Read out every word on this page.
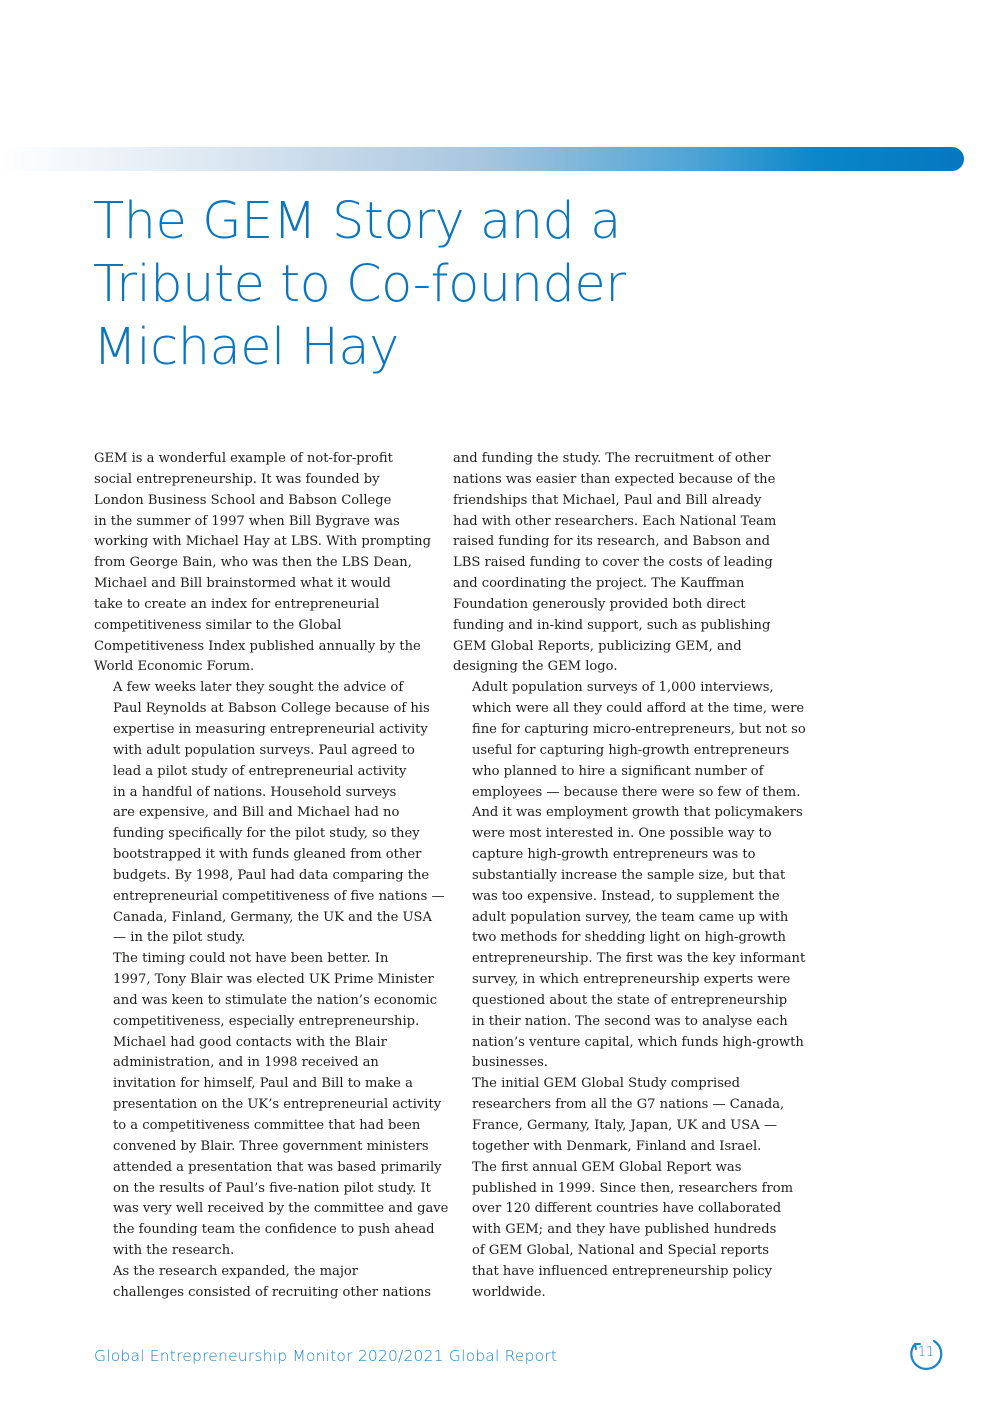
The GEM Story and a
Tribute to Co-founder
Michael Hay

GEM is a wonderful example of not-for-profit
social entrepreneurship. It was founded by
London Business School and Babson College
in the summer of 1997 when Bill Bygrave was
working with Michael Hay at LBS. With prompting
from George Bain, who was then the LBS Dean,
Michael and Bill brainstormed what it would
take to create an index for entrepreneurial
competitiveness similar to the Global
Competitiveness Index published annually by the
World Economic Forum.

A few weeks later they sought the advice of
Paul Reynolds at Babson College because of his
expertise in measuring entrepreneurial activity
with adult population surveys. Paul agreed to
lead a pilot study of entrepreneurial activity
in a handful of nations. Household surveys
are expensive, and Bill and Michael had no
funding specifically for the pilot study, so they
bootstrapped it with funds gleaned from other
budgets. By 1998, Paul had data comparing the
entrepreneurial competitiveness of five nations —
Canada, Finland, Germany, the UK and the USA
— in the pilot study.

The timing could not have been better. In
1997, Tony Blair was elected UK Prime Minister
and was keen to stimulate the nation’s economic
competitiveness, especially entrepreneurship.
Michael had good contacts with the Blair
administration, and in 1998 received an
invitation for himself, Paul and Bill to make a
presentation on the UK’s entrepreneurial activity
to a competitiveness committee that had been
convened by Blair. Three government ministers
attended a presentation that was based primarily
on the results of Paul’s five-nation pilot study. It
was very well received by the committee and gave
the founding team the confidence to push ahead
with the research.

As the research expanded, the major
challenges consisted of recruiting other nations

and funding the study. The recruitment of other
nations was easier than expected because of the
friendships that Michael, Paul and Bill already
had with other researchers. Each National Team
raised funding for its research, and Babson and
LBS raised funding to cover the costs of leading
and coordinating the project. The Kauffman
Foundation generously provided both direct
funding and in-kind support, such as publishing
GEM Global Reports, publicizing GEM, and
designing the GEM logo.

Adult population surveys of 1,000 interviews,
which were all they could afford at the time, were
fine for capturing micro-entrepreneurs, but not so
useful for capturing high-growth entrepreneurs
who planned to hire a significant number of
employees — because there were so few of them.
And it was employment growth that policymakers
were most interested in. One possible way to
capture high-growth entrepreneurs was to
substantially increase the sample size, but that
was too expensive. Instead, to supplement the
adult population survey, the team came up with
two methods for shedding light on high-growth
entrepreneurship. The first was the key informant
survey, in which entrepreneurship experts were
questioned about the state of entrepreneurship
in their nation. The second was to analyse each
nation’s venture capital, which funds high-growth
businesses.

The initial GEM Global Study comprised
researchers from all the G7 nations — Canada,
France, Germany, Italy, Japan, UK and USA —
together with Denmark, Finland and Israel.
The first annual GEM Global Report was
published in 1999. Since then, researchers from
over 120 different countries have collaborated
with GEM; and they have published hundreds
of GEM Global, National and Special reports
that have influenced entrepreneurship policy
worldwide.

Global Entrepreneurship Monitor 2020/2021 Global Report	11
